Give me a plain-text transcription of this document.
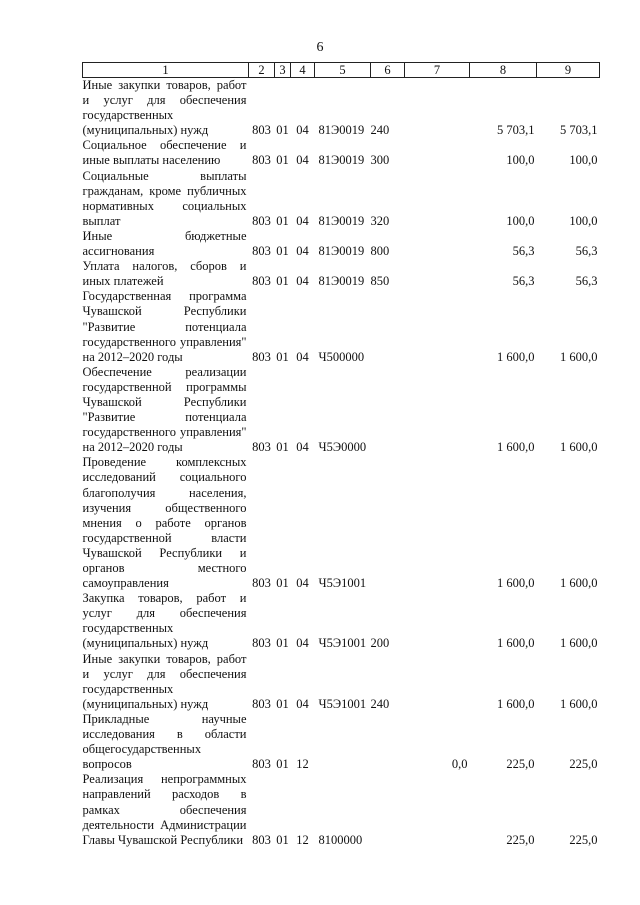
6
1	2	3	4	5	6	7	8	9
Иные закупки товаров, работ и услуг для обеспечения государственных (муниципальных) нужд	803	01	04	81Э0019	240		5 703,1	5 703,1
Социальное обеспечение и иные выплаты населению	803	01	04	81Э0019	300		100,0	100,0
Социальные выплаты гражданам, кроме публичных нормативных социальных выплат	803	01	04	81Э0019	320		100,0	100,0
Иные бюджетные ассигнования	803	01	04	81Э0019	800		56,3	56,3
Уплата налогов, сборов и иных платежей	803	01	04	81Э0019	850		56,3	56,3
Государственная программа Чувашской Республики "Развитие потенциала государственного управления" на 2012–2020 годы	803	01	04	Ч500000			1 600,0	1 600,0
Обеспечение реализации государственной программы Чувашской Республики "Развитие потенциала государственного управления" на 2012–2020 годы	803	01	04	Ч5Э0000			1 600,0	1 600,0
Проведение комплексных исследований социального благополучия населения, изучения общественного мнения о работе органов государственной власти Чувашской Республики и органов местного самоуправления	803	01	04	Ч5Э1001			1 600,0	1 600,0
Закупка товаров, работ и услуг для обеспечения государственных (муниципальных) нужд	803	01	04	Ч5Э1001	200		1 600,0	1 600,0
Иные закупки товаров, работ и услуг для обеспечения государственных (муниципальных) нужд	803	01	04	Ч5Э1001	240		1 600,0	1 600,0
Прикладные научные исследования в области общегосударственных вопросов	803	01	12			0,0	225,0	225,0
Реализация непрограммных направлений расходов в рамках обеспечения деятельности Администрации Главы Чувашской Республики	803	01	12	8100000			225,0	225,0
